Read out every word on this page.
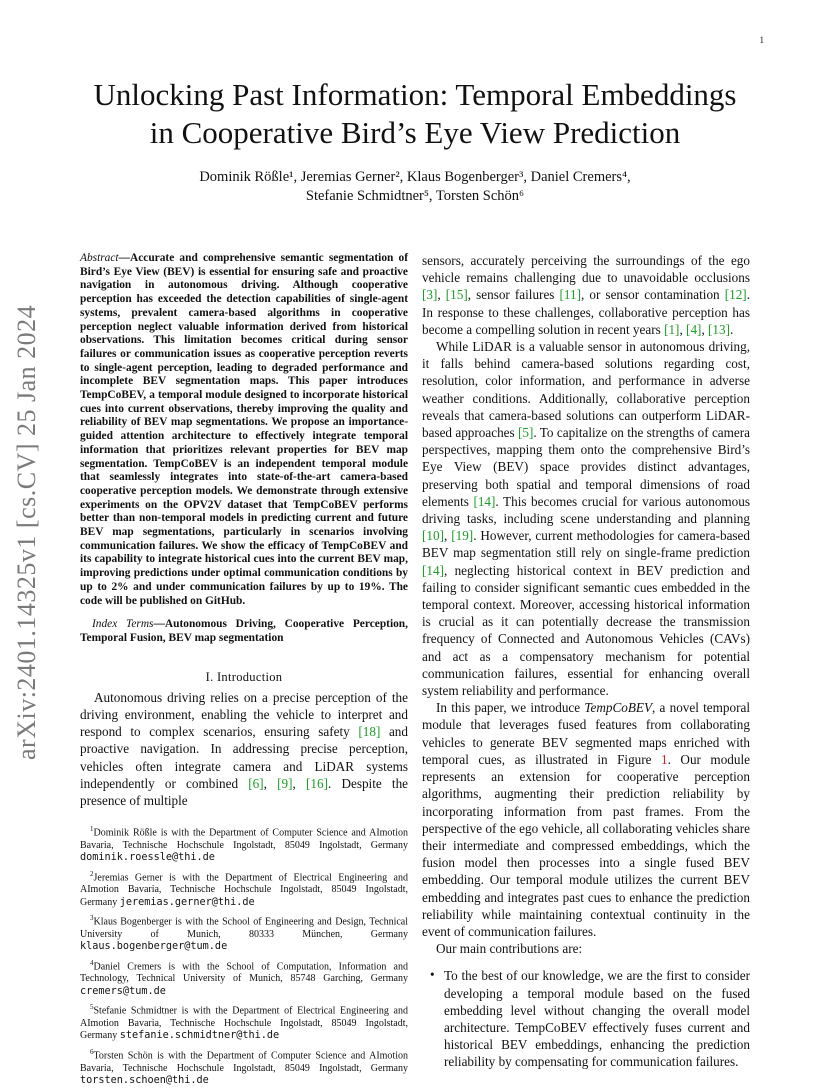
1
arXiv:2401.14325v1 [cs.CV] 25 Jan 2024
Unlocking Past Information: Temporal Embeddings
in Cooperative Bird’s Eye View Prediction
Dominik Rößle¹, Jeremias Gerner², Klaus Bogenberger³, Daniel Cremers⁴,
Stefanie Schmidtner⁵, Torsten Schön⁶

Abstract—Accurate and comprehensive semantic segmentation of Bird’s Eye View (BEV) is essential for ensuring safe and proactive navigation in autonomous driving. Although cooperative perception has exceeded the detection capabilities of single-agent systems, prevalent camera-based algorithms in cooperative perception neglect valuable information derived from historical observations. This limitation becomes critical during sensor failures or communication issues as cooperative perception reverts to single-agent perception, leading to degraded performance and incomplete BEV segmentation maps. This paper introduces TempCoBEV, a temporal module designed to incorporate historical cues into current observations, thereby improving the quality and reliability of BEV map segmentations. We propose an importance-guided attention architecture to effectively integrate temporal information that prioritizes relevant properties for BEV map segmentation. TempCoBEV is an independent temporal module that seamlessly integrates into state-of-the-art camera-based cooperative perception models. We demonstrate through extensive experiments on the OPV2V dataset that TempCoBEV performs better than non-temporal models in predicting current and future BEV map segmentations, particularly in scenarios involving communication failures. We show the efficacy of TempCoBEV and its capability to integrate historical cues into the current BEV map, improving predictions under optimal communication conditions by up to 2% and under communication failures by up to 19%. The code will be published on GitHub.

Index Terms—Autonomous Driving, Cooperative Perception, Temporal Fusion, BEV map segmentation

I. Introduction

Autonomous driving relies on a precise perception of the driving environment, enabling the vehicle to interpret and respond to complex scenarios, ensuring safety [18] and proactive navigation. In addressing precise perception, vehicles often integrate camera and LiDAR systems independently or combined [6], [9], [16]. Despite the presence of multiple

$^1$Dominik Rößle is with the Department of Computer Science and AImotion Bavaria, Technische Hochschule Ingolstadt, 85049 Ingolstadt, Germany dominik.roessle@thi.de

$^2$Jeremias Gerner is with the Department of Electrical Engineering and AImotion Bavaria, Technische Hochschule Ingolstadt, 85049 Ingolstadt, Germany jeremias.gerner@thi.de

$^3$Klaus Bogenberger is with the School of Engineering and Design, Technical University of Munich, 80333 München, Germany klaus.bogenberger@tum.de

$^4$Daniel Cremers is with the School of Computation, Information and Technology, Technical University of Munich, 85748 Garching, Germany cremers@tum.de

$^5$Stefanie Schmidtner is with the Department of Electrical Engineering and AImotion Bavaria, Technische Hochschule Ingolstadt, 85049 Ingolstadt, Germany stefanie.schmidtner@thi.de

$^6$Torsten Schön is with the Department of Computer Science and AImotion Bavaria, Technische Hochschule Ingolstadt, 85049 Ingolstadt, Germany torsten.schoen@thi.de

sensors, accurately perceiving the surroundings of the ego vehicle remains challenging due to unavoidable occlusions [3], [15], sensor failures [11], or sensor contamination [12]. In response to these challenges, collaborative perception has become a compelling solution in recent years [1], [4], [13].

While LiDAR is a valuable sensor in autonomous driving, it falls behind camera-based solutions regarding cost, resolution, color information, and performance in adverse weather conditions. Additionally, collaborative perception reveals that camera-based solutions can outperform LiDAR-based approaches [5]. To capitalize on the strengths of camera perspectives, mapping them onto the comprehensive Bird’s Eye View (BEV) space provides distinct advantages, preserving both spatial and temporal dimensions of road elements [14]. This becomes crucial for various autonomous driving tasks, including scene understanding and planning [10], [19]. However, current methodologies for camera-based BEV map segmentation still rely on single-frame prediction [14], neglecting historical context in BEV prediction and failing to consider significant semantic cues embedded in the temporal context. Moreover, accessing historical information is crucial as it can potentially decrease the transmission frequency of Connected and Autonomous Vehicles (CAVs) and act as a compensatory mechanism for potential communication failures, essential for enhancing overall system reliability and performance.

In this paper, we introduce TempCoBEV, a novel temporal module that leverages fused features from collaborating vehicles to generate BEV segmented maps enriched with temporal cues, as illustrated in Figure 1. Our module represents an extension for cooperative perception algorithms, augmenting their prediction reliability by incorporating information from past frames. From the perspective of the ego vehicle, all collaborating vehicles share their intermediate and compressed embeddings, which the fusion model then processes into a single fused BEV embedding. Our temporal module utilizes the current BEV embedding and integrates past cues to enhance the prediction reliability while maintaining contextual continuity in the event of communication failures.

Our main contributions are:

• To the best of our knowledge, we are the first to consider developing a temporal module based on the fused embedding level without changing the overall model architecture. TempCoBEV effectively fuses current and historical BEV embeddings, enhancing the prediction reliability by compensating for communication failures.
